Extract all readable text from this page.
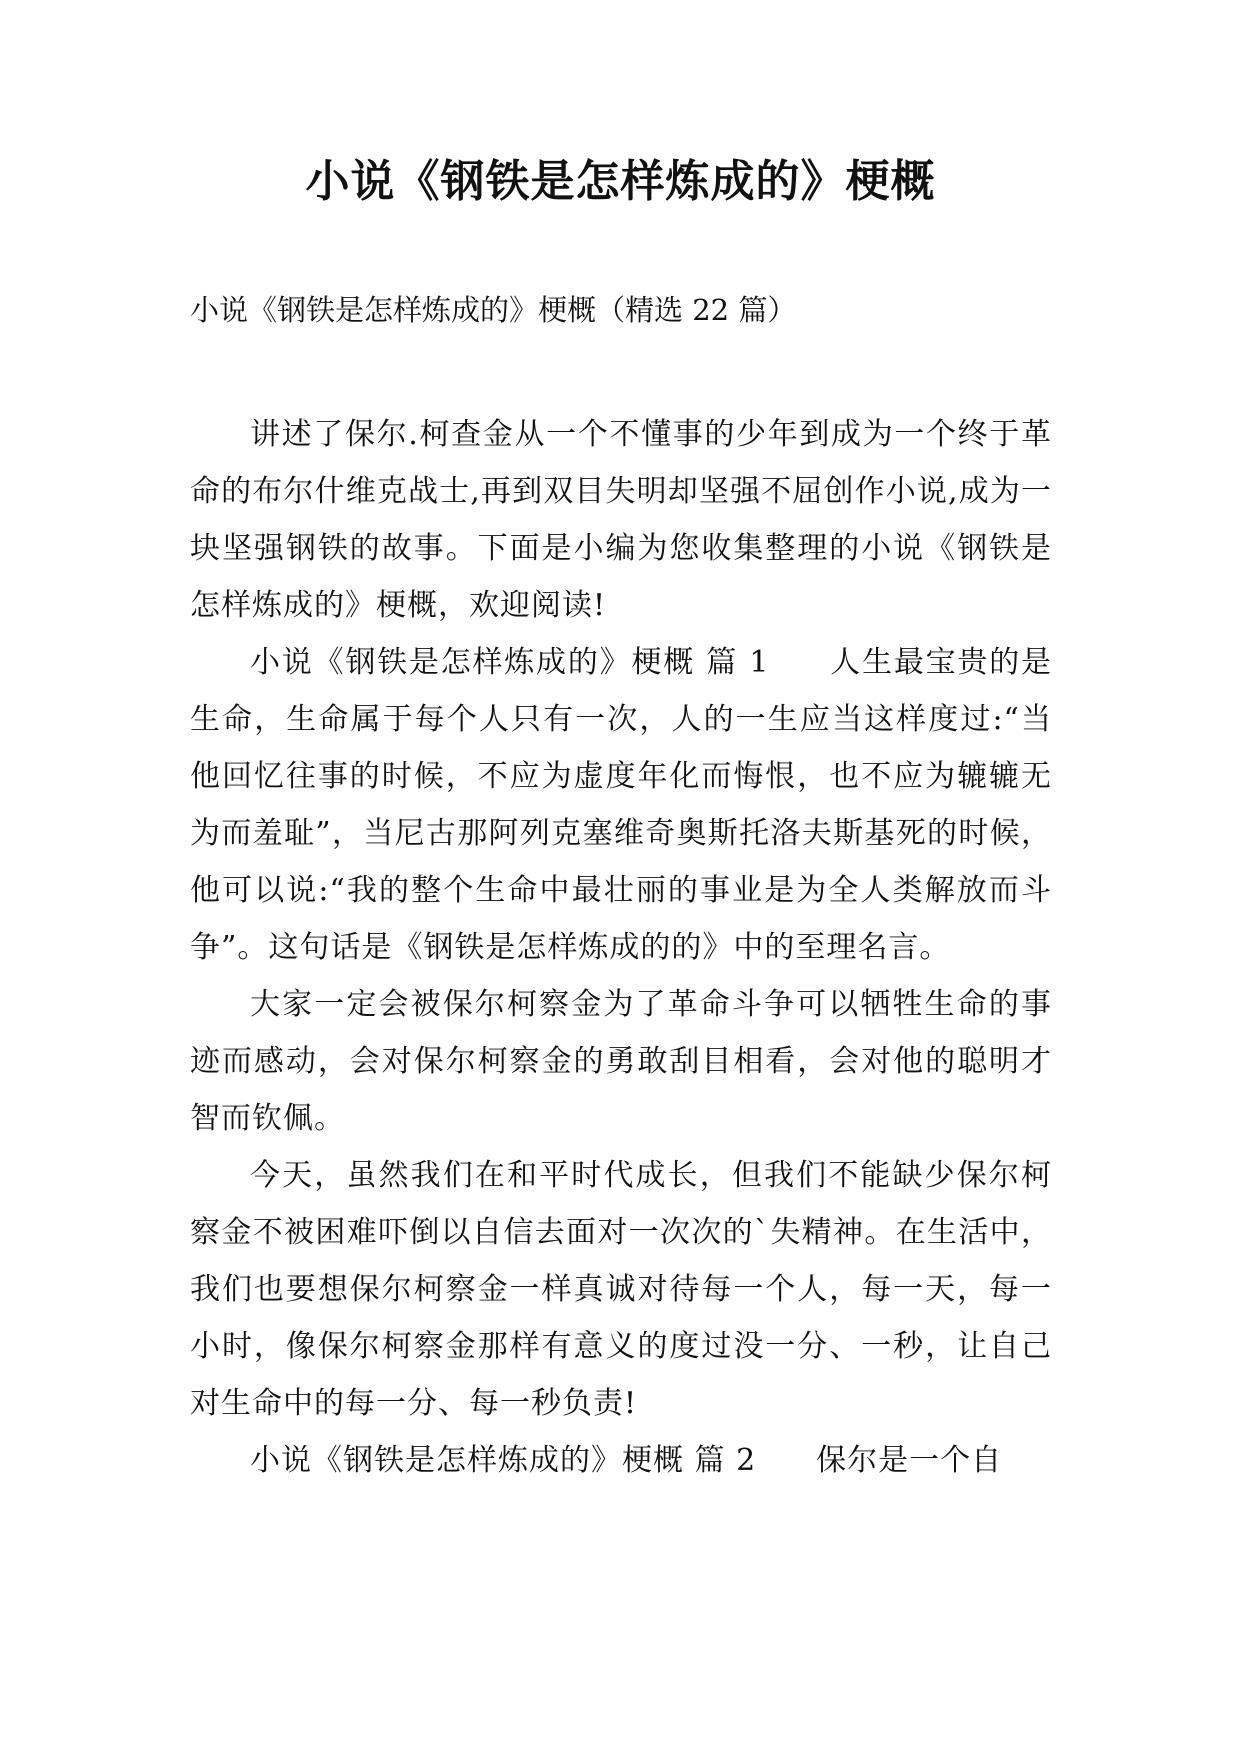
小说《钢铁是怎样炼成的》梗概

小说《钢铁是怎样炼成的》梗概（精选 22 篇）

讲述了保尔.柯查金从一个不懂事的少年到成为一个终于革命的布尔什维克战士,再到双目失明却坚强不屈创作小说,成为一块坚强钢铁的故事。下面是小编为您收集整理的小说《钢铁是怎样炼成的》梗概，欢迎阅读!

小说《钢铁是怎样炼成的》梗概 篇 1 人生最宝贵的是生命，生命属于每个人只有一次，人的一生应当这样度过:“当他回忆往事的时候，不应为虚度年化而悔恨，也不应为辘辘无为而羞耻”，当尼古那阿列克塞维奇奥斯托洛夫斯基死的时候，他可以说:“我的整个生命中最壮丽的事业是为全人类解放而斗争”。这句话是《钢铁是怎样炼成的的》中的至理名言。

大家一定会被保尔柯察金为了革命斗争可以牺牲生命的事迹而感动，会对保尔柯察金的勇敢刮目相看，会对他的聪明才智而钦佩。

今天，虽然我们在和平时代成长，但我们不能缺少保尔柯察金不被困难吓倒以自信去面对一次次的`失精神。在生活中，我们也要想保尔柯察金一样真诚对待每一个人，每一天，每一小时，像保尔柯察金那样有意义的度过没一分、一秒，让自己对生命中的每一分、每一秒负责!

小说《钢铁是怎样炼成的》梗概 篇 2 保尔是一个自
